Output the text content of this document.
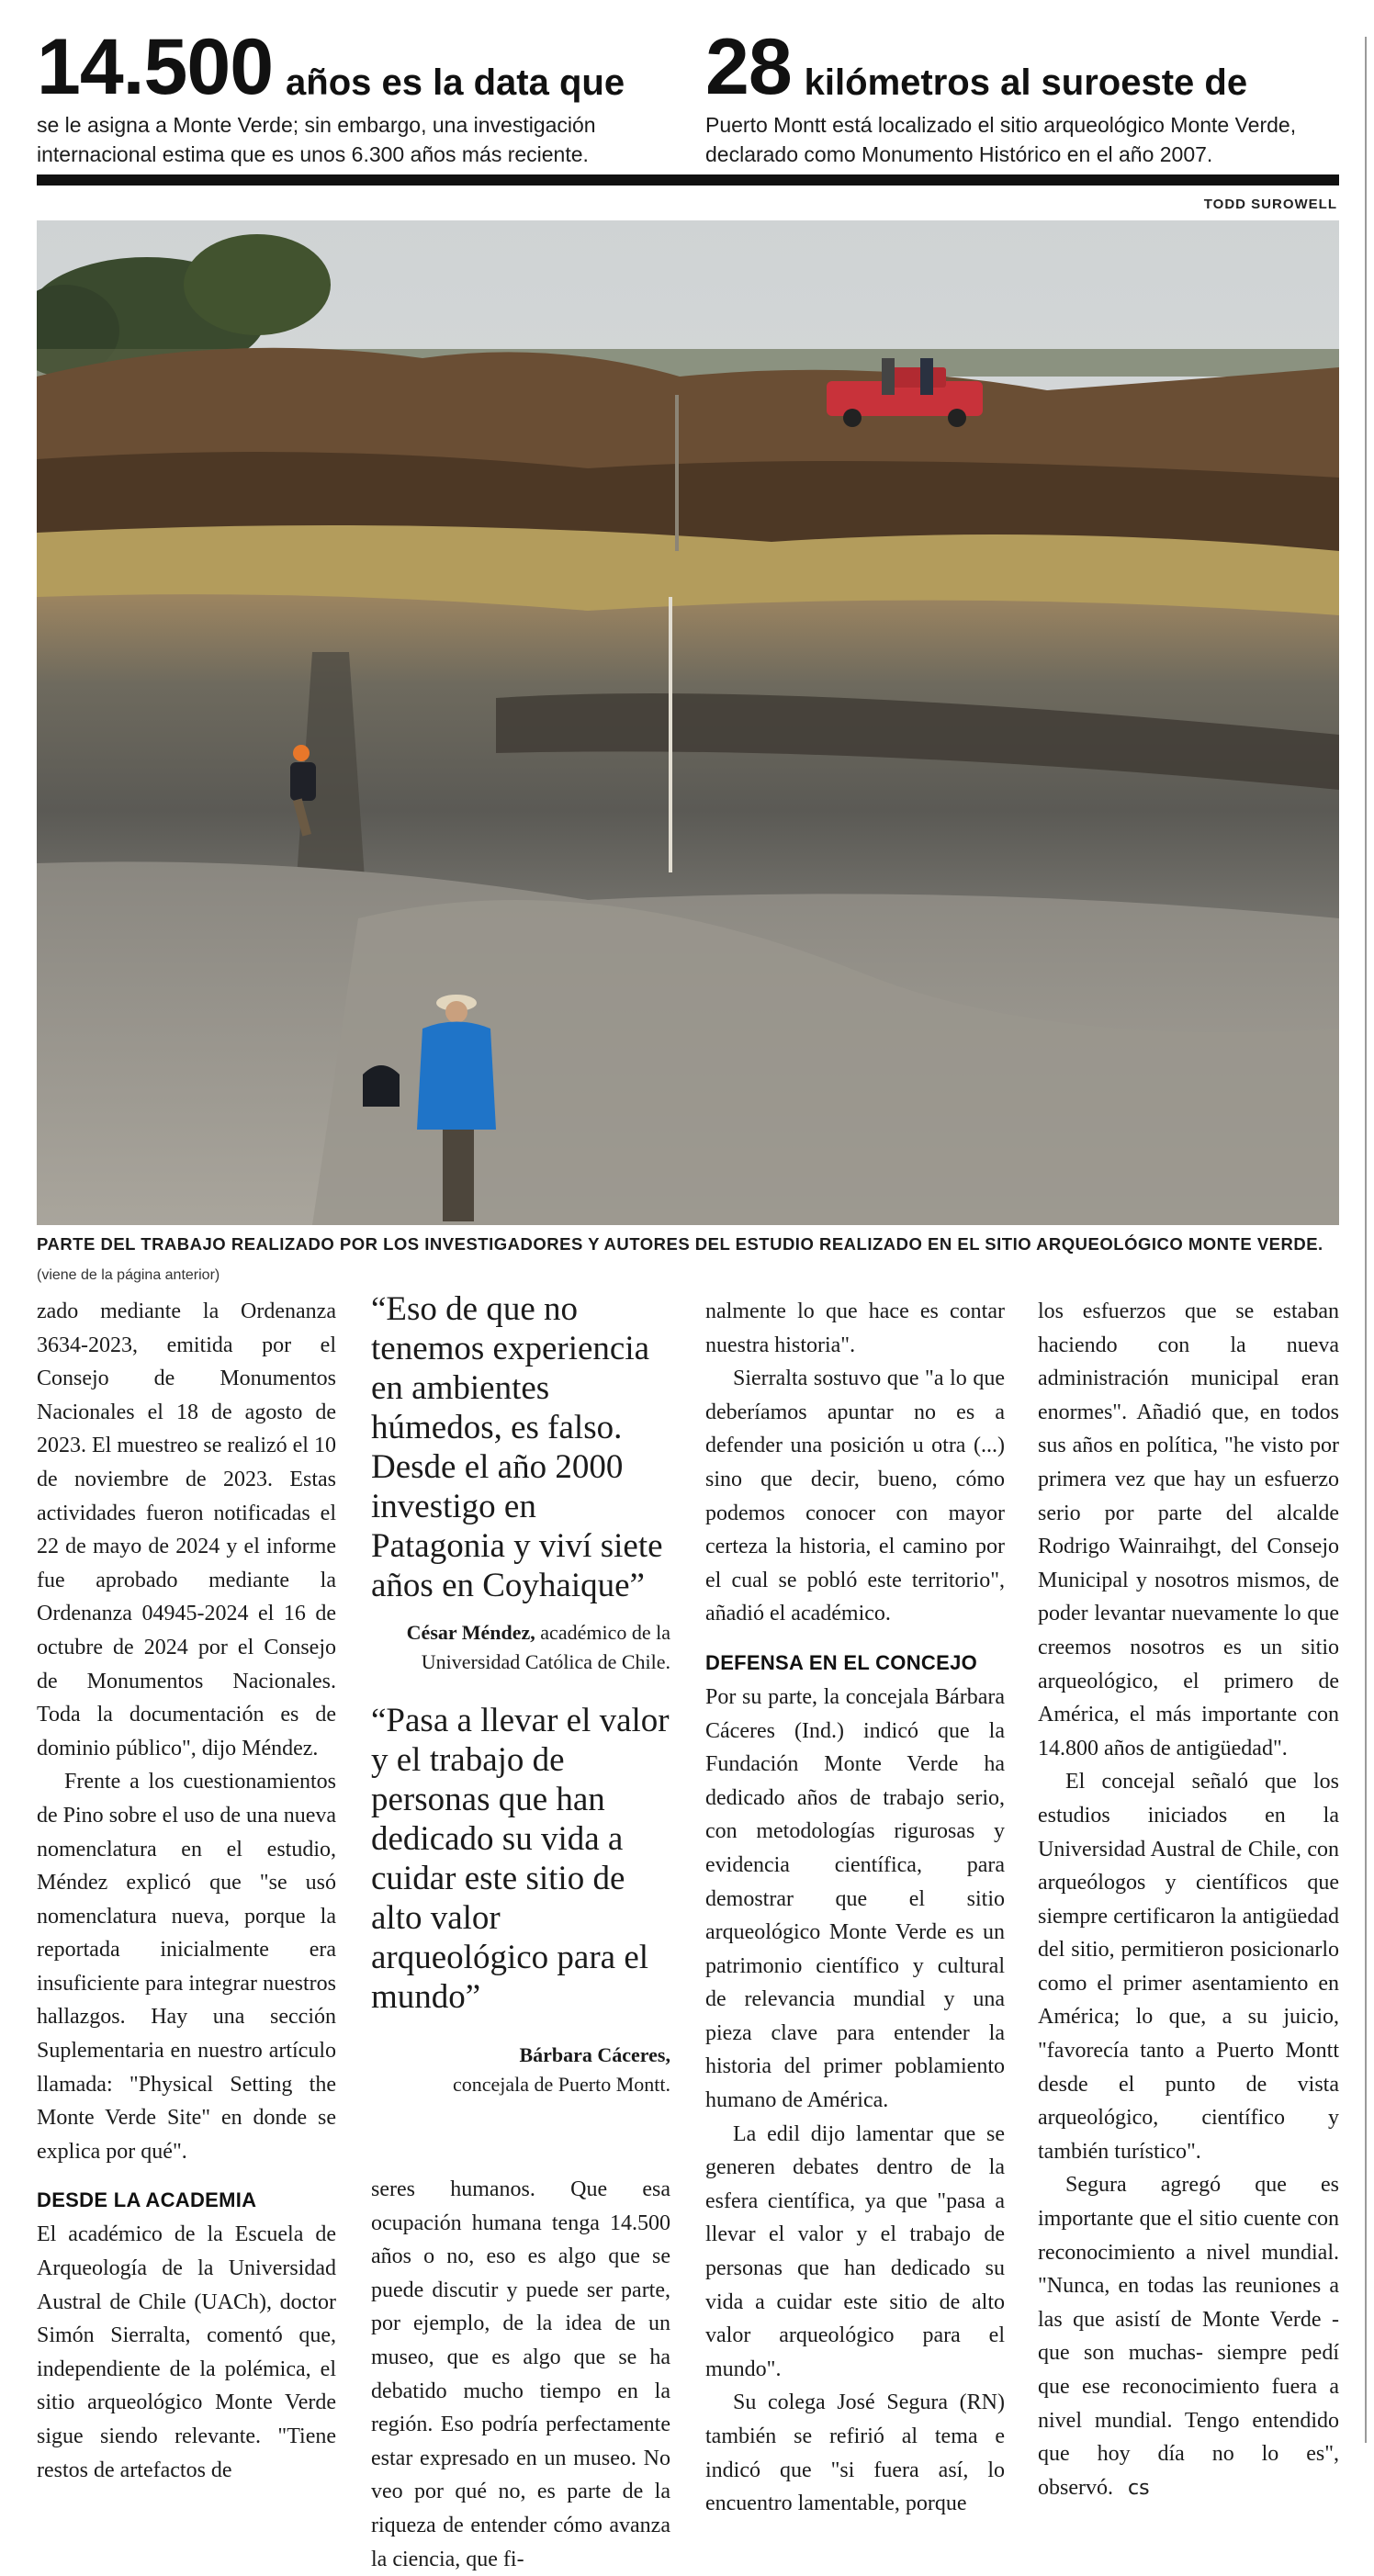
14.500 años es la data que
se le asigna a Monte Verde; sin embargo, una investigación internacional estima que es unos 6.300 años más reciente.
28 kilómetros al suroeste de
Puerto Montt está localizado el sitio arqueológico Monte Verde, declarado como Monumento Histórico en el año 2007.
TODD SUROWELL
PARTE DEL TRABAJO REALIZADO POR LOS INVESTIGADORES Y AUTORES DEL ESTUDIO REALIZADO EN EL SITIO ARQUEOLÓGICO MONTE VERDE.
(viene de la página anterior)

zado mediante la Ordenanza 3634-2023, emitida por el Consejo de Monumentos Nacionales el 18 de agosto de 2023. El muestreo se realizó el 10 de noviembre de 2023. Estas actividades fueron notificadas el 22 de mayo de 2024 y el informe fue aprobado mediante la Ordenanza 04945-2024 el 16 de octubre de 2024 por el Consejo de Monumentos Nacionales. Toda la documentación es de dominio público", dijo Méndez.

Frente a los cuestionamientos de Pino sobre el uso de una nueva nomenclatura en el estudio, Méndez explicó que "se usó nomenclatura nueva, porque la reportada inicialmente era insuficiente para integrar nuestros hallazgos. Hay una sección Suplementaria en nuestro artículo llamada: "Physical Setting the Monte Verde Site" en donde se explica por qué".

DESDE LA ACADEMIA

El académico de la Escuela de Arqueología de la Universidad Austral de Chile (UACh), doctor Simón Sierralta, comentó que, independiente de la polémica, el sitio arqueológico Monte Verde sigue siendo relevante. "Tiene restos de artefactos de

“Eso de que no tenemos experiencia en ambientes húmedos, es falso. Desde el año 2000 investigo en Patagonia y viví siete años en Coyhaique”
César Méndez, académico de la Universidad Católica de Chile.
“Pasa a llevar el valor y el trabajo de personas que han dedicado su vida a cuidar este sitio de alto valor arqueológico para el mundo”
Bárbara Cáceres,
concejala de Puerto Montt.

seres humanos. Que esa ocupación humana tenga 14.500 años o no, eso es algo que se puede discutir y puede ser parte, por ejemplo, de la idea de un museo, que es algo que se ha debatido mucho tiempo en la región. Eso podría perfectamente estar expresado en un museo. No veo por qué no, es parte de la riqueza de entender cómo avanza la ciencia, que fi-

nalmente lo que hace es contar nuestra historia".

Sierralta sostuvo que "a lo que deberíamos apuntar no es a defender una posición u otra (...) sino que decir, bueno, cómo podemos conocer con mayor certeza la historia, el camino por el cual se pobló este territorio", añadió el académico.

DEFENSA EN EL CONCEJO

Por su parte, la concejala Bárbara Cáceres (Ind.) indicó que la Fundación Monte Verde ha dedicado años de trabajo serio, con metodologías rigurosas y evidencia científica, para demostrar que el sitio arqueológico Monte Verde es un patrimonio científico y cultural de relevancia mundial y una pieza clave para entender la historia del primer poblamiento humano de América.

La edil dijo lamentar que se generen debates dentro de la esfera científica, ya que "pasa a llevar el valor y el trabajo de personas que han dedicado su vida a cuidar este sitio de alto valor arqueológico para el mundo".

Su colega José Segura (RN) también se refirió al tema e indicó que "si fuera así, lo encuentro lamentable, porque

los esfuerzos que se estaban haciendo con la nueva administración municipal eran enormes". Añadió que, en todos sus años en política, "he visto por primera vez que hay un esfuerzo serio por parte del alcalde Rodrigo Wainraihgt, del Consejo Municipal y nosotros mismos, de poder levantar nuevamente lo que creemos nosotros es un sitio arqueológico, el primero de América, el más importante con 14.800 años de antigüedad".

El concejal señaló que los estudios iniciados en la Universidad Austral de Chile, con arqueólogos y científicos que siempre certificaron la antigüedad del sitio, permitieron posicionarlo como el primer asentamiento en América; lo que, a su juicio, "favorecía tanto a Puerto Montt desde el punto de vista arqueológico, científico y también turístico".

Segura agregó que es importante que el sitio cuente con reconocimiento a nivel mundial. "Nunca, en todas las reuniones a las que asistí de Monte Verde -que son muchas- siempre pedí que ese reconocimiento fuera a nivel mundial. Tengo entendido que hoy día no lo es", observó. cs
